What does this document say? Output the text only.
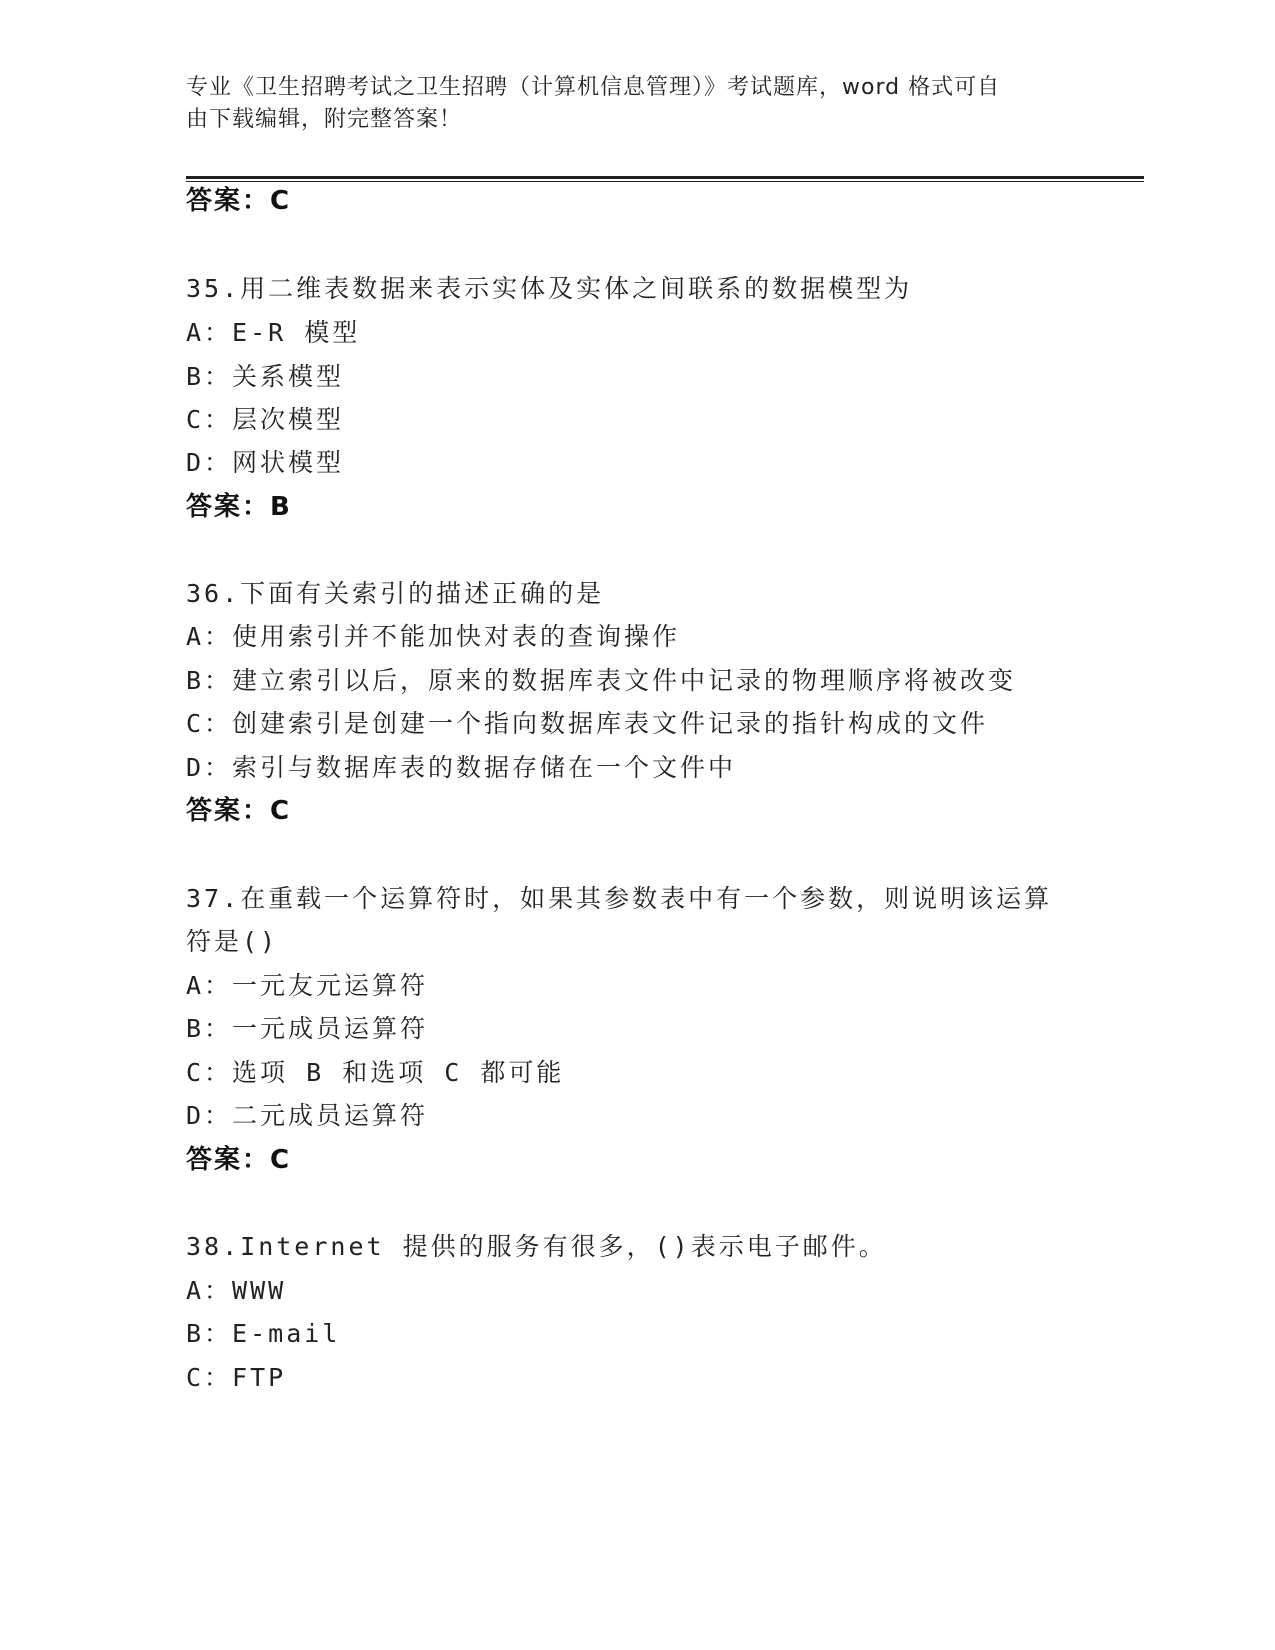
专业《卫生招聘考试之卫生招聘（计算机信息管理）》考试题库，word 格式可自
由下载编辑，附完整答案！
答案：C
35.用二维表数据来表示实体及实体之间联系的数据模型为
A：E-R 模型
B：关系模型
C：层次模型
D：网状模型
答案：B
36.下面有关索引的描述正确的是
A：使用索引并不能加快对表的查询操作
B：建立索引以后，原来的数据库表文件中记录的物理顺序将被改变
C：创建索引是创建一个指向数据库表文件记录的指针构成的文件
D：索引与数据库表的数据存储在一个文件中
答案：C
37.在重载一个运算符时，如果其参数表中有一个参数，则说明该运算
符是()
A：一元友元运算符
B：一元成员运算符
C：选项 B 和选项 C 都可能
D：二元成员运算符
答案：C
38.Internet 提供的服务有很多，()表示电子邮件。
A：WWW
B：E-mail
C：FTP
